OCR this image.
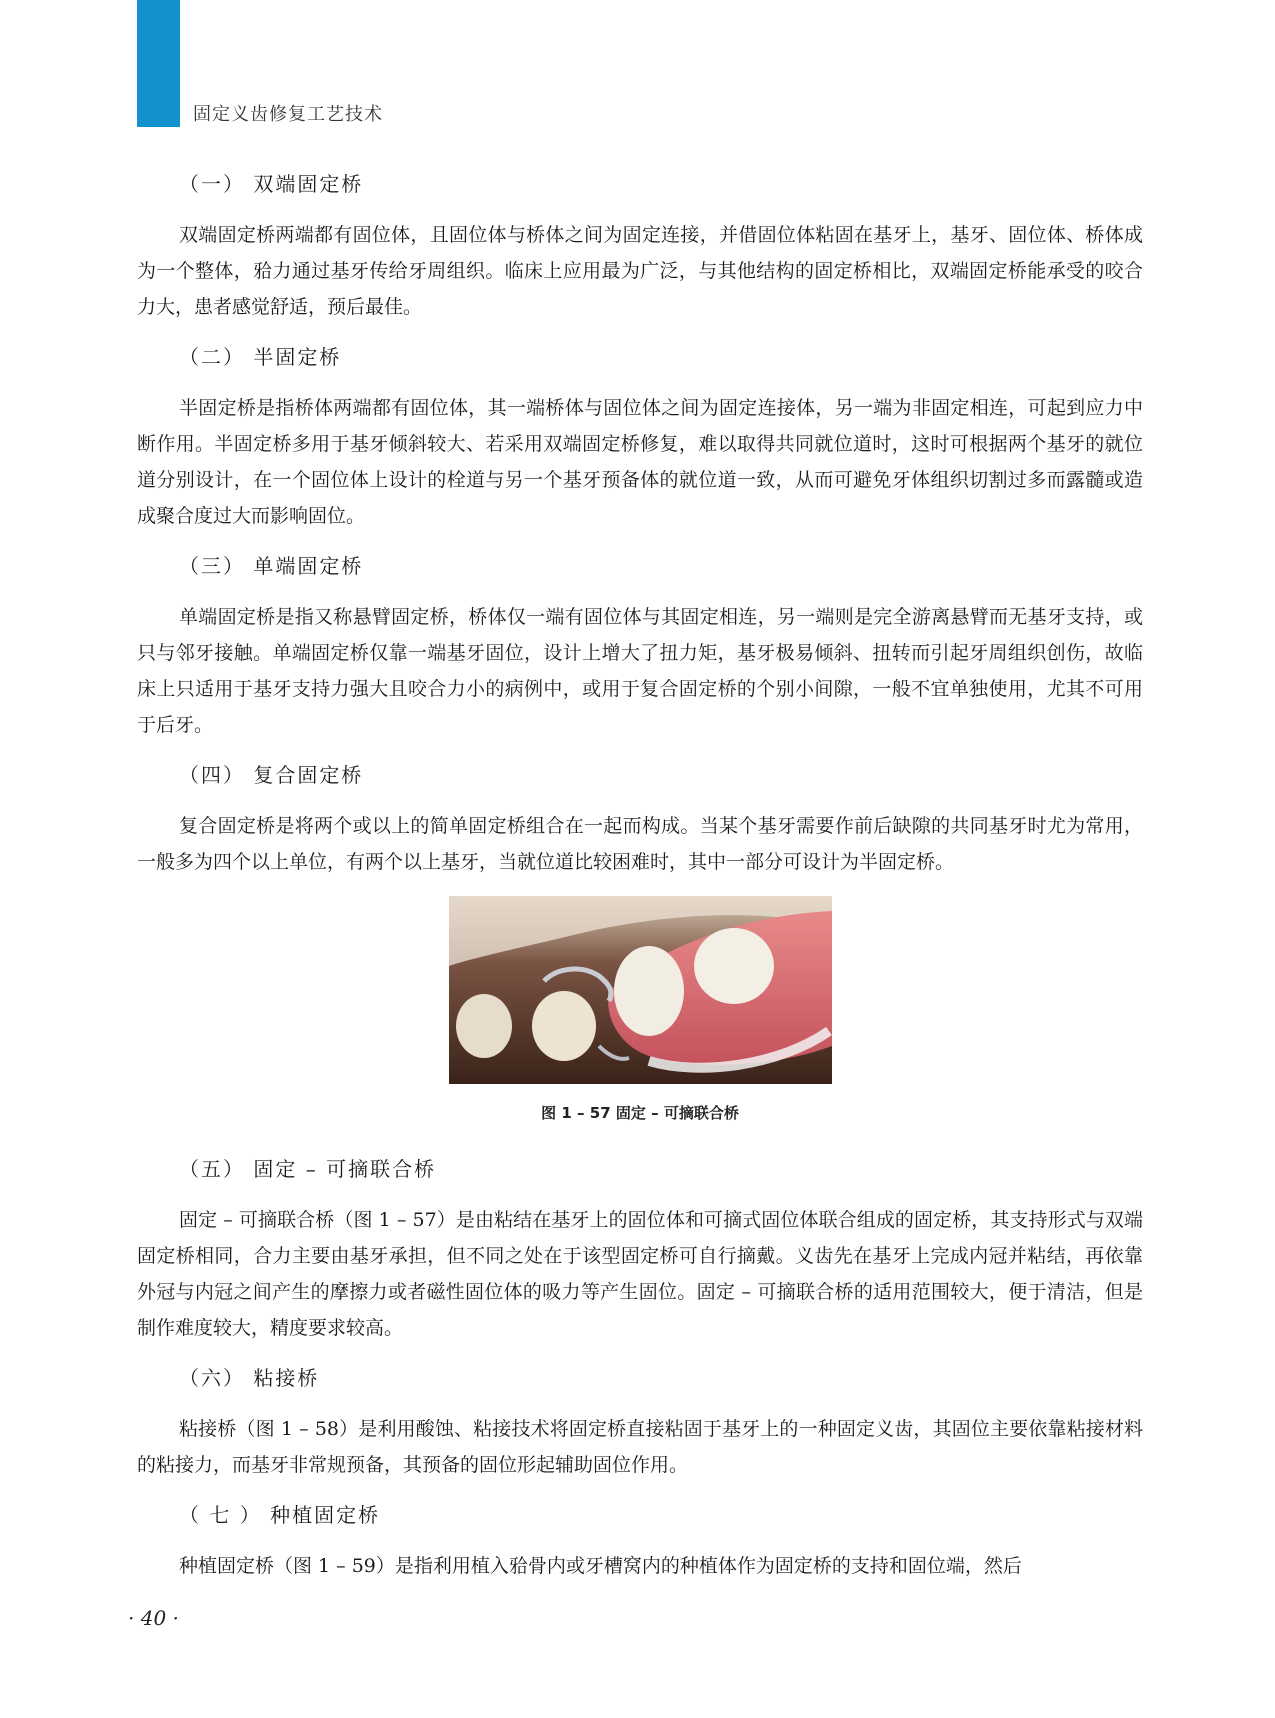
固定义齿修复工艺技术
（一） 双端固定桥

双端固定桥两端都有固位体，且固位体与桥体之间为固定连接，并借固位体粘固在基牙上，基牙、固位体、桥体成为一个整体，𬌗力通过基牙传给牙周组织。临床上应用最为广泛，与其他结构的固定桥相比，双端固定桥能承受的咬合力大，患者感觉舒适，预后最佳。

（二） 半固定桥

半固定桥是指桥体两端都有固位体，其一端桥体与固位体之间为固定连接体，另一端为非固定相连，可起到应力中断作用。半固定桥多用于基牙倾斜较大、若采用双端固定桥修复，难以取得共同就位道时，这时可根据两个基牙的就位道分别设计，在一个固位体上设计的栓道与另一个基牙预备体的就位道一致，从而可避免牙体组织切割过多而露髓或造成聚合度过大而影响固位。

（三） 单端固定桥

单端固定桥是指又称悬臂固定桥，桥体仅一端有固位体与其固定相连，另一端则是完全游离悬臂而无基牙支持，或只与邻牙接触。单端固定桥仅靠一端基牙固位，设计上增大了扭力矩，基牙极易倾斜、扭转而引起牙周组织创伤，故临床上只适用于基牙支持力强大且咬合力小的病例中，或用于复合固定桥的个别小间隙，一般不宜单独使用，尤其不可用于后牙。

（四） 复合固定桥

复合固定桥是将两个或以上的简单固定桥组合在一起而构成。当某个基牙需要作前后缺隙的共同基牙时尤为常用，一般多为四个以上单位，有两个以上基牙，当就位道比较困难时，其中一部分可设计为半固定桥。

图 1 – 57 固定 – 可摘联合桥
（五） 固定 – 可摘联合桥

固定 – 可摘联合桥（图 1 – 57）是由粘结在基牙上的固位体和可摘式固位体联合组成的固定桥，其支持形式与双端固定桥相同，合力主要由基牙承担，但不同之处在于该型固定桥可自行摘戴。义齿先在基牙上完成内冠并粘结，再依靠外冠与内冠之间产生的摩擦力或者磁性固位体的吸力等产生固位。固定 – 可摘联合桥的适用范围较大，便于清洁，但是制作难度较大，精度要求较高。

（六） 粘接桥

粘接桥（图 1 – 58）是利用酸蚀、粘接技术将固定桥直接粘固于基牙上的一种固定义齿，其固位主要依靠粘接材料的粘接力，而基牙非常规预备，其预备的固位形起辅助固位作用。

（ 七 ） 种植固定桥

种植固定桥（图 1 – 59）是指利用植入𬌗骨内或牙槽窝内的种植体作为固定桥的支持和固位端，然后

· 40 ·
